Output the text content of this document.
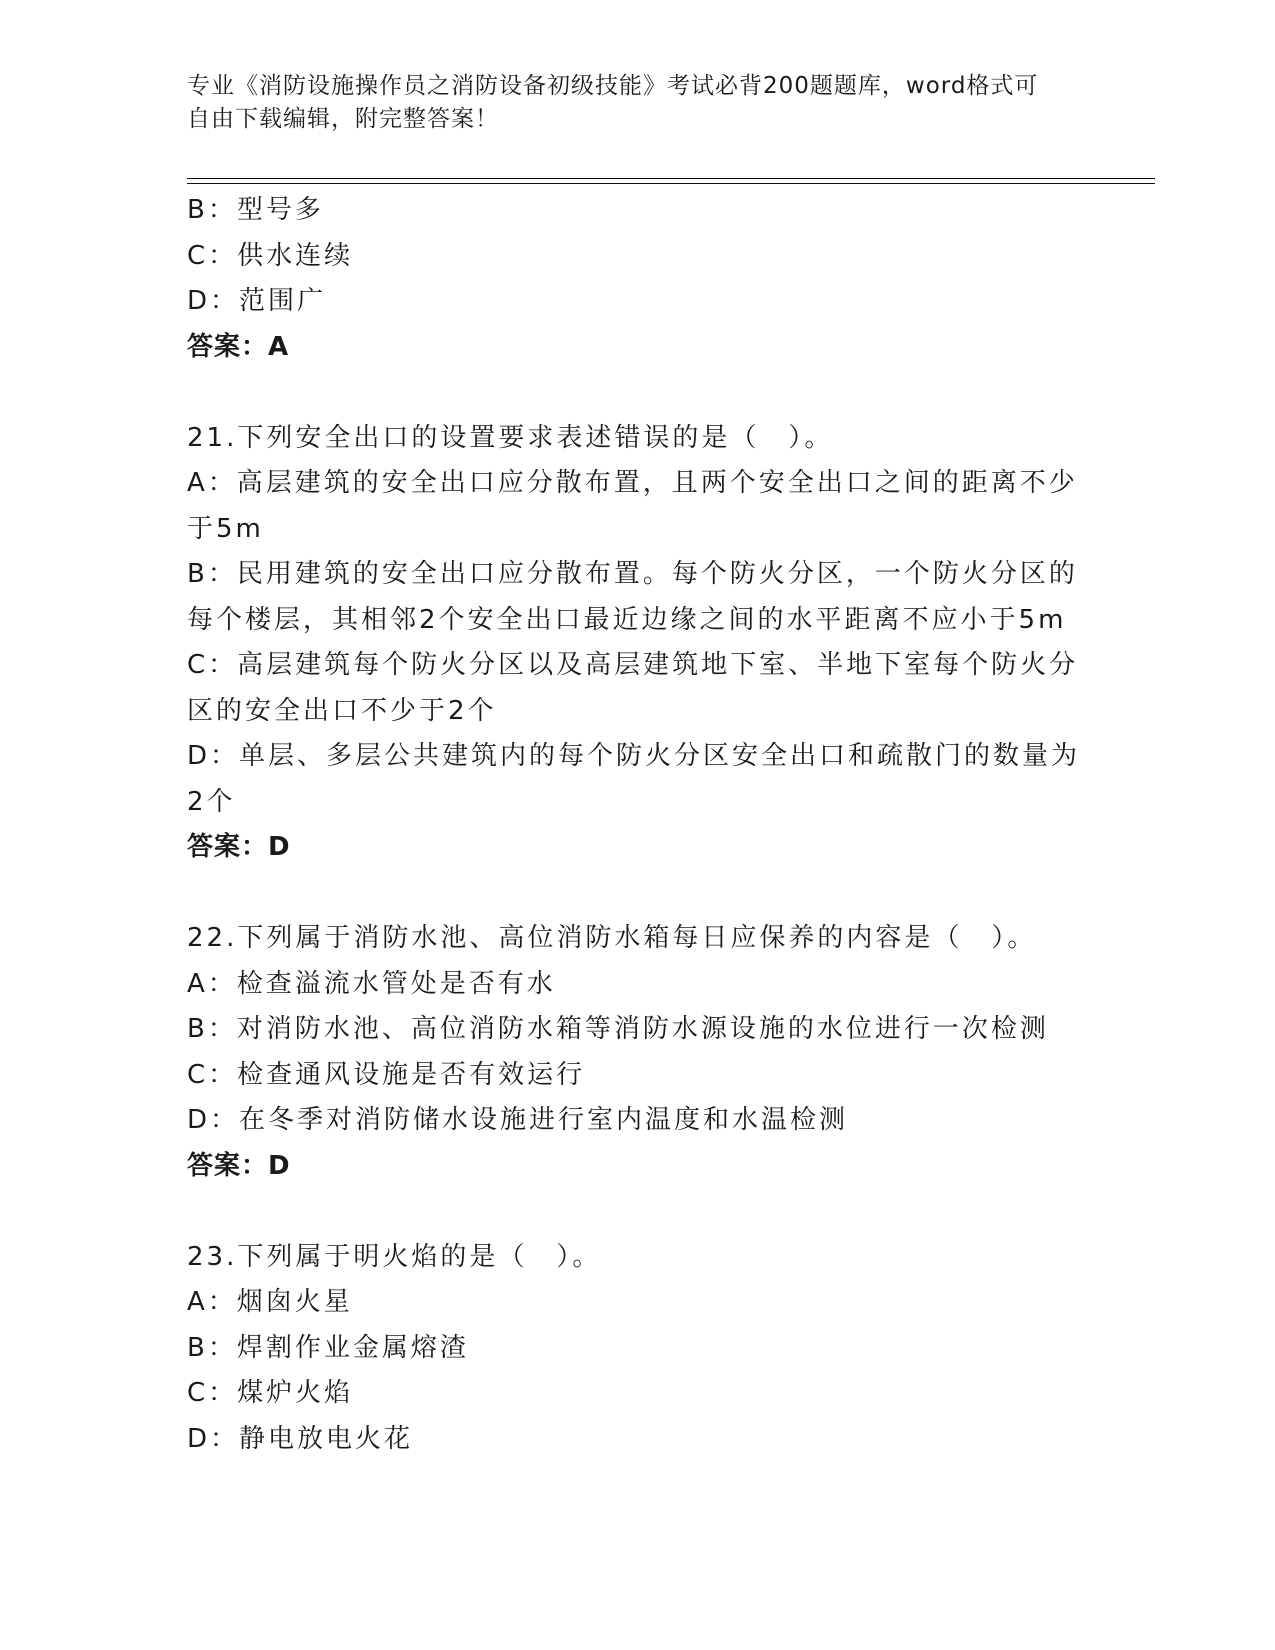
专业《消防设施操作员之消防设备初级技能》考试必背200题题库，word格式可
自由下载编辑，附完整答案！
B：型号多
C：供水连续
D：范围广
答案：A
21.下列安全出口的设置要求表述错误的是（　）。
A：高层建筑的安全出口应分散布置，且两个安全出口之间的距离不少
于5m
B：民用建筑的安全出口应分散布置。每个防火分区，一个防火分区的
每个楼层，其相邻2个安全出口最近边缘之间的水平距离不应小于5m
C：高层建筑每个防火分区以及高层建筑地下室、半地下室每个防火分
区的安全出口不少于2个
D：单层、多层公共建筑内的每个防火分区安全出口和疏散门的数量为
2个
答案：D
22.下列属于消防水池、高位消防水箱每日应保养的内容是（　）。
A：检查溢流水管处是否有水
B：对消防水池、高位消防水箱等消防水源设施的水位进行一次检测
C：检查通风设施是否有效运行
D：在冬季对消防储水设施进行室内温度和水温检测
答案：D
23.下列属于明火焰的是（　）。
A：烟囱火星
B：焊割作业金属熔渣
C：煤炉火焰
D：静电放电火花
